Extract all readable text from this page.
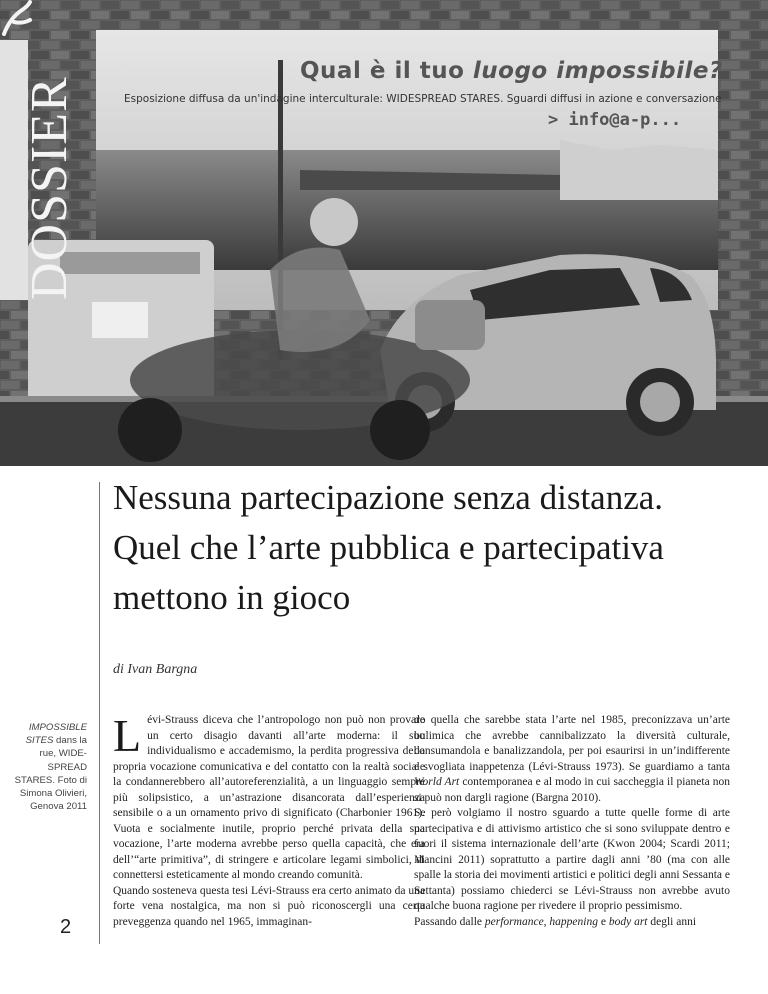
Qual è il tuo luogo impossibile?
Esposizione diffusa da un'indagine interculturale: WIDESPREAD STARES. Sguardi diffusi in azione e conversazione
> info@a-p...
DOSSIER
Nessuna partecipazione senza distanza. Quel che l’arte pubblica e partecipativa mettono in gioco
di Ivan Bargna
IMPOSSIBLE SITES dans la rue, WIDE-SPREAD STARES. Foto di Simona Olivieri, Genova 2011
2

Lévi-Strauss diceva che l’antropologo non può non provare un certo disagio davanti all’arte moderna: il suo individualismo e accademismo, la perdita progressiva della propria vocazione comunicativa e del contatto con la realtà sociale la condannerebbero all’autoreferenzialità, a un linguaggio sempre più solipsistico, a un’astrazione disancorata dall’esperienza sensibile o a un ornamento privo di significato (Charbonier 1961). Vuota e socialmente inutile, proprio perché privata della sua vocazione, l’arte moderna avrebbe perso quella capacità, che era dell’“arte primitiva”, di stringere e articolare legami simbolici, di connettersi esteticamente al mondo creando comunità.

Quando sosteneva questa tesi Lévi-Strauss era certo animato da una forte vena nostalgica, ma non si può riconoscergli una certa preveggenza quando nel 1965, immaginan-

do quella che sarebbe stata l’arte nel 1985, preconizzava un’arte bulimica che avrebbe cannibalizzato la diversità culturale, consumandola e banalizzandola, per poi esaurirsi in un’indifferente e svogliata inappetenza (Lévi-Strauss 1973). Se guardiamo a tanta World Art contemporanea e al modo in cui saccheggia il pianeta non si può non dargli ragione (Bargna 2010).

Se però volgiamo il nostro sguardo a tutte quelle forme di arte partecipativa e di attivismo artistico che si sono sviluppate dentro e fuori il sistema internazionale dell’arte (Kwon 2004; Scardi 2011; Mancini 2011) soprattutto a partire dagli anni ’80 (ma con alle spalle la storia dei movimenti artistici e politici degli anni Sessanta e Settanta) possiamo chiederci se Lévi-Strauss non avrebbe avuto qualche buona ragione per rivedere il proprio pessimismo.

Passando dalle performance, happening e body art degli anni
